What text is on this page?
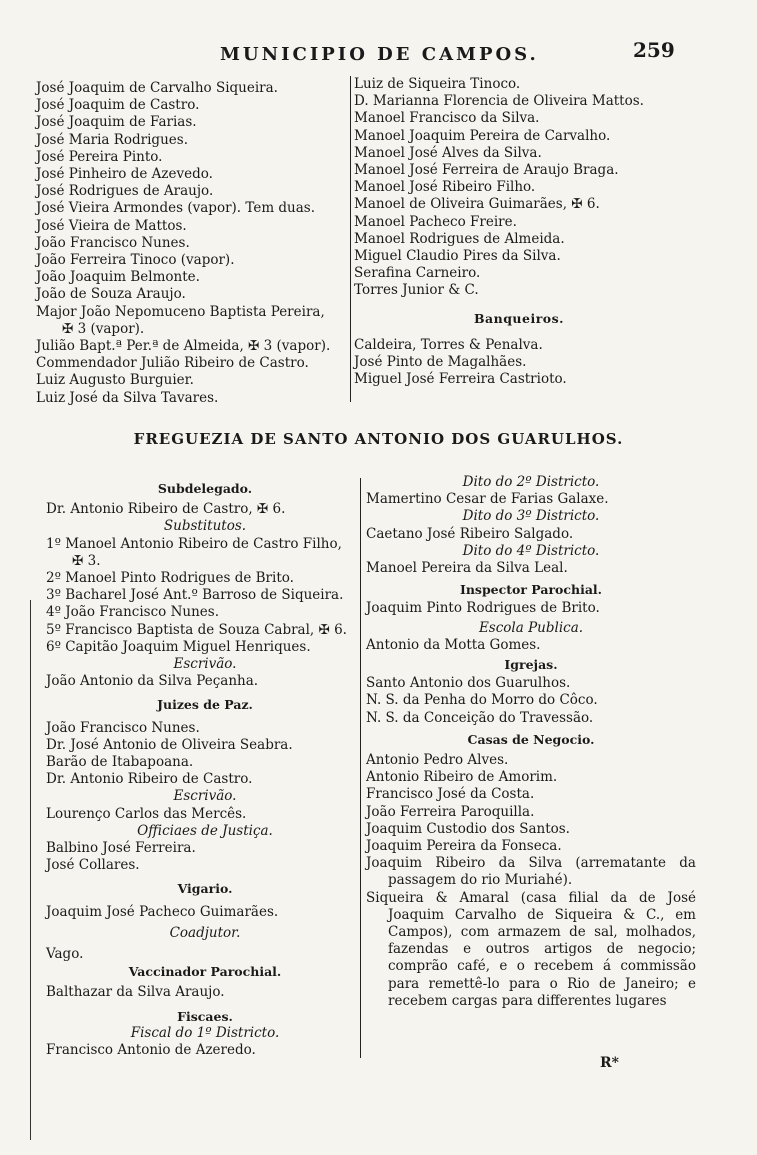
MUNICIPIO DE CAMPOS.	259
José Joaquim de Carvalho Siqueira.
José Joaquim de Castro.
José Joaquim de Farias.
José Maria Rodrigues.
José Pereira Pinto.
José Pinheiro de Azevedo.
José Rodrigues de Araujo.
José Vieira Armondes (vapor). Tem duas.
José Vieira de Mattos.
João Francisco Nunes.
João Ferreira Tinoco (vapor).
João Joaquim Belmonte.
João de Souza Araujo.
Major João Nepomuceno Baptista Pereira,
✠ 3 (vapor).
Julião Bapt.ª Per.ª de Almeida, ✠ 3 (vapor).
Commendador Julião Ribeiro de Castro.
Luiz Augusto Burguier.
Luiz José da Silva Tavares.
Luiz de Siqueira Tinoco.
D. Marianna Florencia de Oliveira Mattos.
Manoel Francisco da Silva.
Manoel Joaquim Pereira de Carvalho.
Manoel José Alves da Silva.
Manoel José Ferreira de Araujo Braga.
Manoel José Ribeiro Filho.
Manoel de Oliveira Guimarães, ✠ 6.
Manoel Pacheco Freire.
Manoel Rodrigues de Almeida.
Miguel Claudio Pires da Silva.
Serafina Carneiro.
Torres Junior & C.
Banqueiros.
Caldeira, Torres & Penalva.
José Pinto de Magalhães.
Miguel José Ferreira Castrioto.
FREGUEZIA DE SANTO ANTONIO DOS GUARULHOS.
Subdelegado.
Dr. Antonio Ribeiro de Castro, ✠ 6.
Substitutos.
1º Manoel Antonio Ribeiro de Castro Filho,
✠ 3.
2º Manoel Pinto Rodrigues de Brito.
3º Bacharel José Ant.º Barroso de Siqueira.
4º João Francisco Nunes.
5º Francisco Baptista de Souza Cabral, ✠ 6.
6º Capitão Joaquim Miguel Henriques.
Escrivão.
João Antonio da Silva Peçanha.
Juizes de Paz.
João Francisco Nunes.
Dr. José Antonio de Oliveira Seabra.
Barão de Itabapoana.
Dr. Antonio Ribeiro de Castro.
Escrivão.
Lourenço Carlos das Mercês.
Officiaes de Justiça.
Balbino José Ferreira.
José Collares.
Vigario.
Joaquim José Pacheco Guimarães.
Coadjutor.
Vago.
Vaccinador Parochial.
Balthazar da Silva Araujo.
Fiscaes.
Fiscal do 1º Districto.
Francisco Antonio de Azeredo.
Dito do 2º Districto.
Mamertino Cesar de Farias Galaxe.
Dito do 3º Districto.
Caetano José Ribeiro Salgado.
Dito do 4º Districto.
Manoel Pereira da Silva Leal.
Inspector Parochial.
Joaquim Pinto Rodrigues de Brito.
Escola Publica.
Antonio da Motta Gomes.
Igrejas.
Santo Antonio dos Guarulhos.
N. S. da Penha do Morro do Côco.
N. S. da Conceição do Travessão.
Casas de Negocio.
Antonio Pedro Alves.
Antonio Ribeiro de Amorim.
Francisco José da Costa.
João Ferreira Paroquilla.
Joaquim Custodio dos Santos.
Joaquim Pereira da Fonseca.
Joaquim Ribeiro da Silva (arrematante da passagem do rio Muriahé).
Siqueira & Amaral (casa filial da de José Joaquim Carvalho de Siqueira & C., em Campos), com armazem de sal, molhados, fazendas e outros artigos de negocio; comprão café, e o recebem á commissão para remettê-lo para o Rio de Janeiro; e recebem cargas para differentes lugares
R*
